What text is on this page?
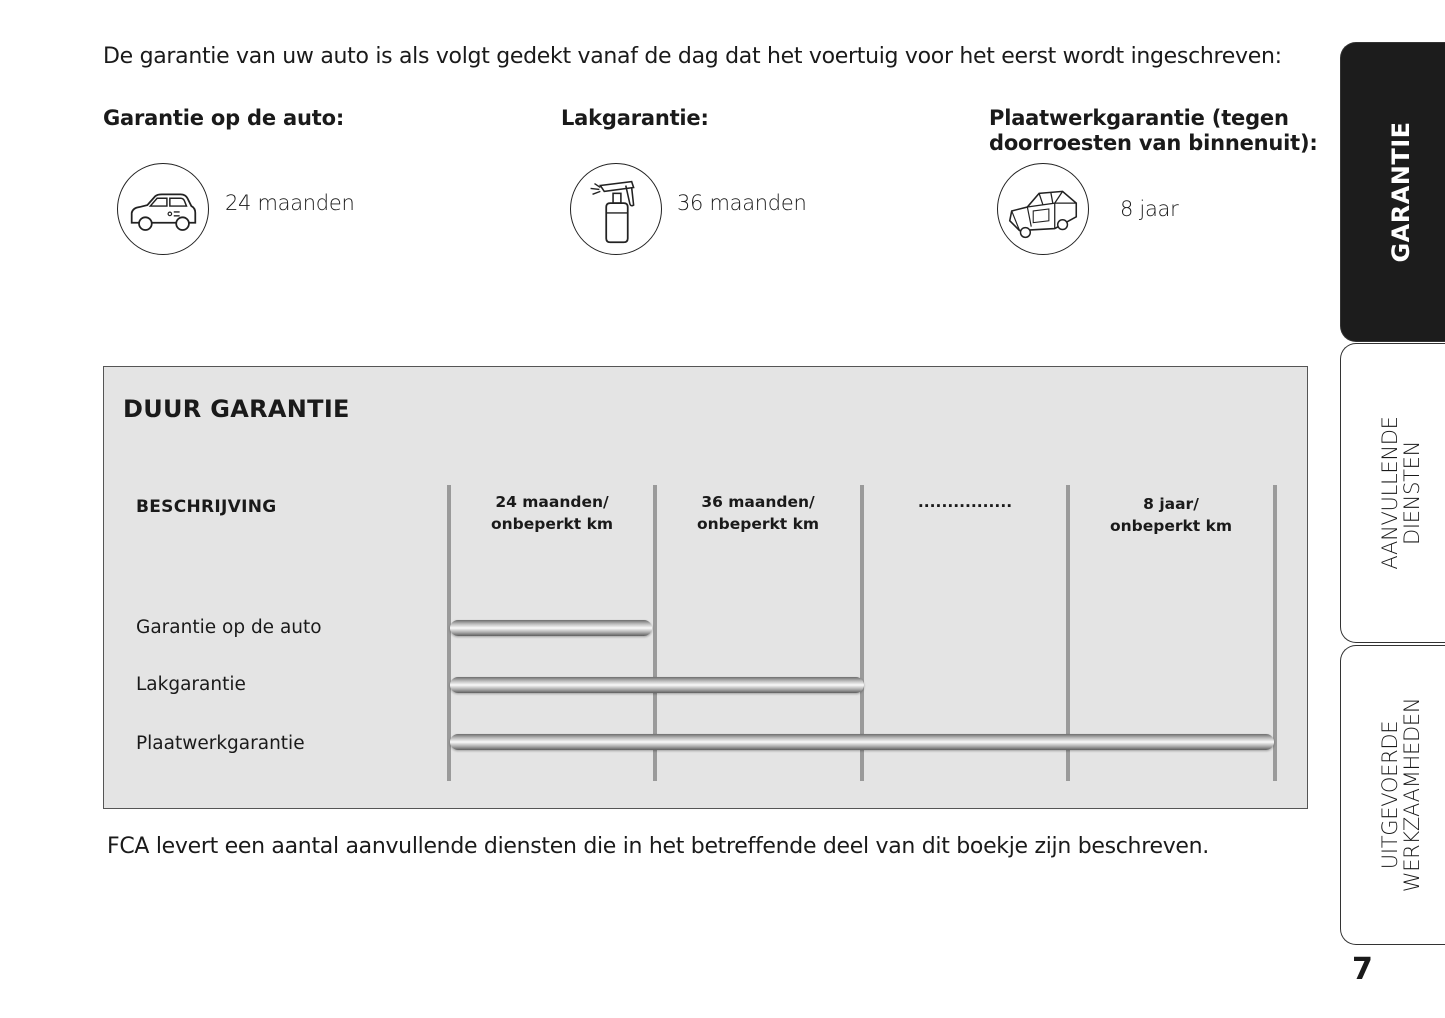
De garantie van uw auto is als volgt gedekt vanaf de dag dat het voertuig voor het eerst wordt ingeschreven:
Garantie op de auto:
24 maanden
Lakgarantie:
36 maanden
Plaatwerkgarantie (tegen
doorroesten van binnenuit):
8 jaar
DUUR GARANTIE
BESCHRIJVING	24 maanden/
onbeperkt km
36 maanden/
onbeperkt km
................	8 jaar/
onbeperkt km
Garantie op de auto
Lakgarantie
Plaatwerkgarantie
FCA levert een aantal aanvullende diensten die in het betreffende deel van dit boekje zijn beschreven.
GARANTIE
AANVULLENDE
DIENSTEN
UITGEVOERDE
WERKZAAMHEDEN
7
